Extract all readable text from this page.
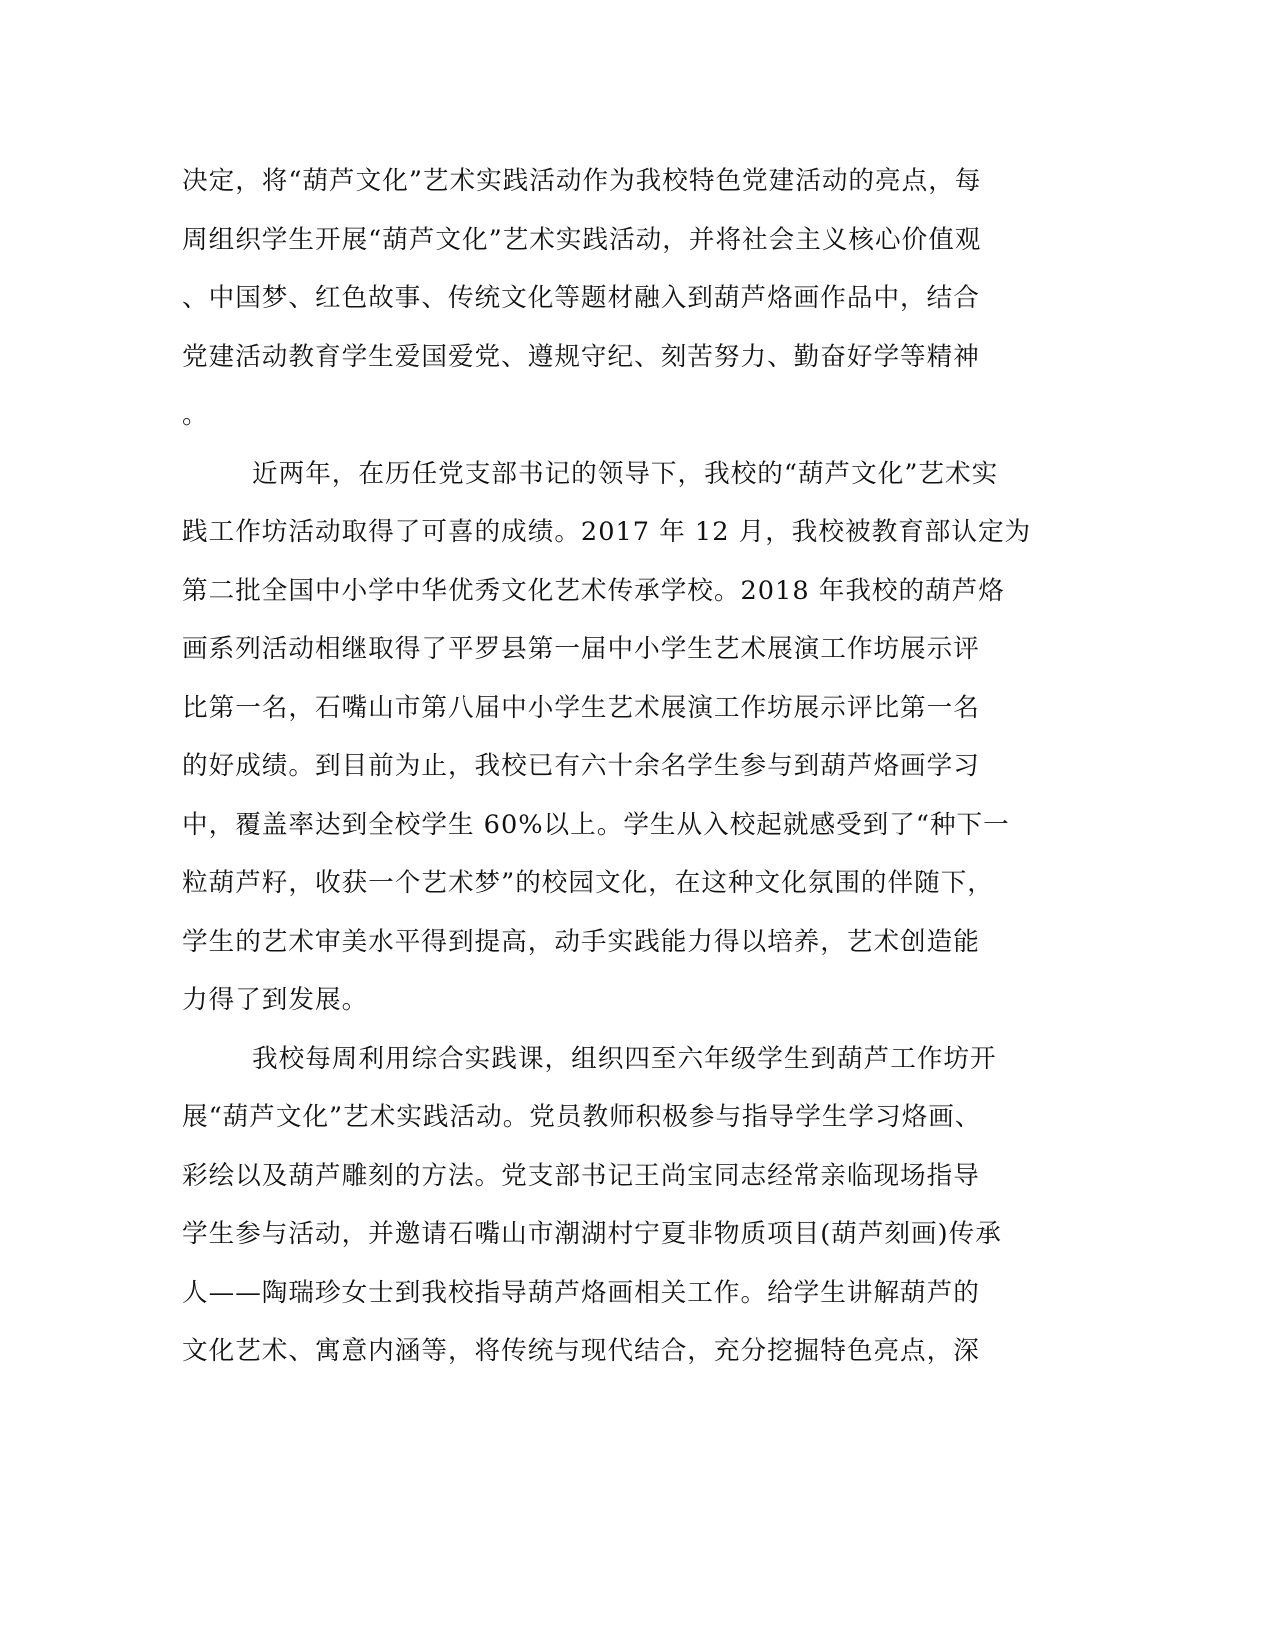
决定，将“葫芦文化”艺术实践活动作为我校特色党建活动的亮点，每
周组织学生开展“葫芦文化”艺术实践活动，并将社会主义核心价值观
、中国梦、红色故事、传统文化等题材融入到葫芦烙画作品中，结合
党建活动教育学生爱国爱党、遵规守纪、刻苦努力、勤奋好学等精神
。
近两年，在历任党支部书记的领导下，我校的“葫芦文化”艺术实
践工作坊活动取得了可喜的成绩。2017 年 12 月，我校被教育部认定为
第二批全国中小学中华优秀文化艺术传承学校。2018 年我校的葫芦烙
画系列活动相继取得了平罗县第一届中小学生艺术展演工作坊展示评
比第一名，石嘴山市第八届中小学生艺术展演工作坊展示评比第一名
的好成绩。到目前为止，我校已有六十余名学生参与到葫芦烙画学习
中，覆盖率达到全校学生 60%以上。学生从入校起就感受到了“种下一
粒葫芦籽，收获一个艺术梦”的校园文化，在这种文化氛围的伴随下，
学生的艺术审美水平得到提高，动手实践能力得以培养，艺术创造能
力得了到发展。
我校每周利用综合实践课，组织四至六年级学生到葫芦工作坊开
展“葫芦文化”艺术实践活动。党员教师积极参与指导学生学习烙画、
彩绘以及葫芦雕刻的方法。党支部书记王尚宝同志经常亲临现场指导
学生参与活动，并邀请石嘴山市潮湖村宁夏非物质项目(葫芦刻画)传承
人——陶瑞珍女士到我校指导葫芦烙画相关工作。给学生讲解葫芦的
文化艺术、寓意内涵等，将传统与现代结合，充分挖掘特色亮点，深
